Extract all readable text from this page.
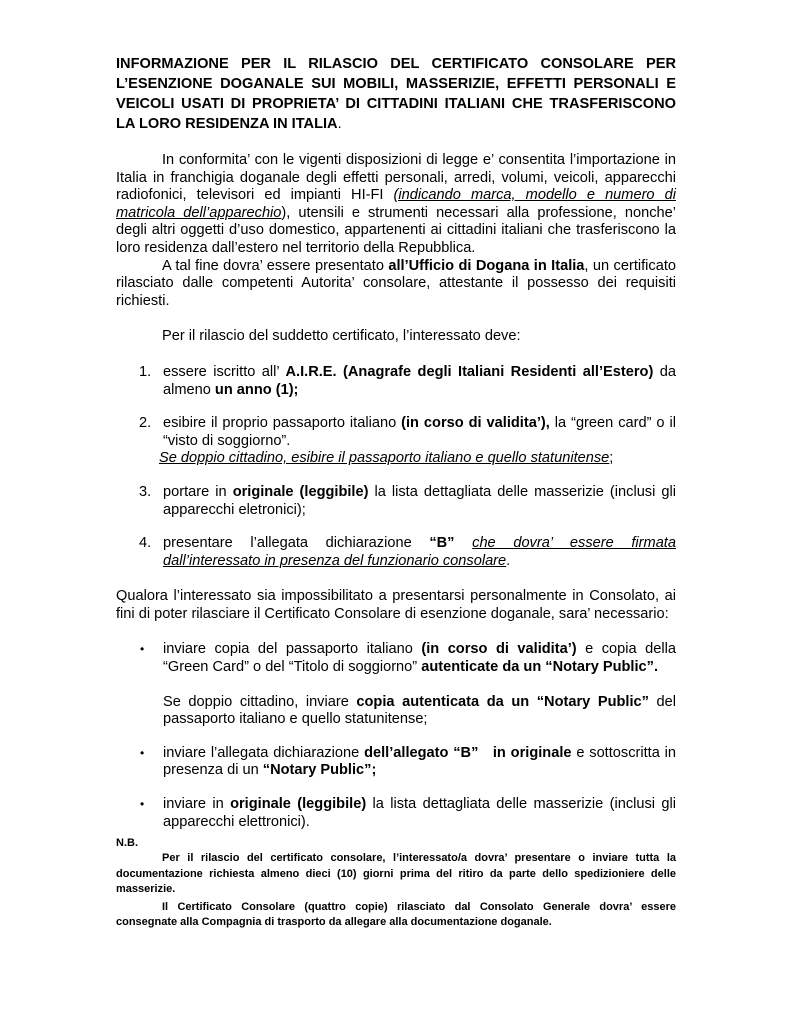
INFORMAZIONE PER IL RILASCIO DEL CERTIFICATO CONSOLARE PER L’ESENZIONE DOGANALE SUI MOBILI, MASSERIZIE, EFFETTI PERSONALI E VEICOLI USATI DI PROPRIETA’ DI CITTADINI ITALIANI CHE TRASFERISCONO LA LORO RESIDENZA IN ITALIA.

In conformita’ con le vigenti disposizioni di legge e’ consentita l’importazione in Italia in franchigia doganale degli effetti personali, arredi, volumi, veicoli, apparecchi radiofonici, televisori ed impianti HI-FI (indicando marca, modello e numero di matricola dell’apparechio), utensili e strumenti necessari alla professione, nonche’ degli altri oggetti d’uso domestico, appartenenti ai cittadini italiani che trasferiscono la loro residenza dall’estero nel territorio della Repubblica.

A tal fine dovra’ essere presentato all’Ufficio di Dogana in Italia, un certificato rilasciato dalle competenti Autorita’ consolare, attestante il possesso dei requisiti richiesti.

Per il rilascio del suddetto certificato, l’interessato deve:

1. essere iscritto all’ A.I.R.E. (Anagrafe degli Italiani Residenti all’Estero) da almeno un anno (1);
2. esibire il proprio passaporto italiano (in corso di validita’), la “green card” o il “visto di soggiorno”.
Se doppio cittadino, esibire il passaporto italiano e quello statunitense;
3. portare in originale (leggibile) la lista dettagliata delle masserizie (inclusi gli apparecchi eletronici);
4. presentare l’allegata dichiarazione “B” che dovra’ essere firmata dall’interessato in presenza del funzionario consolare.

Qualora l’interessato sia impossibilitato a presentarsi personalmente in Consolato, ai fini di poter rilasciare il Certificato Consolare di esenzione doganale, sara’ necessario:

• inviare copia del passaporto italiano (in corso di validita’) e copia della “Green Card” o del “Titolo di soggiorno” autenticate da un “Notary Public”.
Se doppio cittadino, inviare copia autenticata da un “Notary Public” del passaporto italiano e quello statunitense;
• inviare l’allegata dichiarazione dell’allegato “B” in originale e sottoscritta in presenza di un “Notary Public”;
• inviare in originale (leggibile) la lista dettagliata delle masserizie (inclusi gli apparecchi elettronici).
N.B.

Per il rilascio del certificato consolare, l’interessato/a dovra’ presentare o inviare tutta la documentazione richiesta almeno dieci (10) giorni prima del ritiro da parte dello spedizioniere delle masserizie.

Il Certificato Consolare (quattro copie) rilasciato dal Consolato Generale dovra’ essere consegnate alla Compagnia di trasporto da allegare alla documentazione doganale.
